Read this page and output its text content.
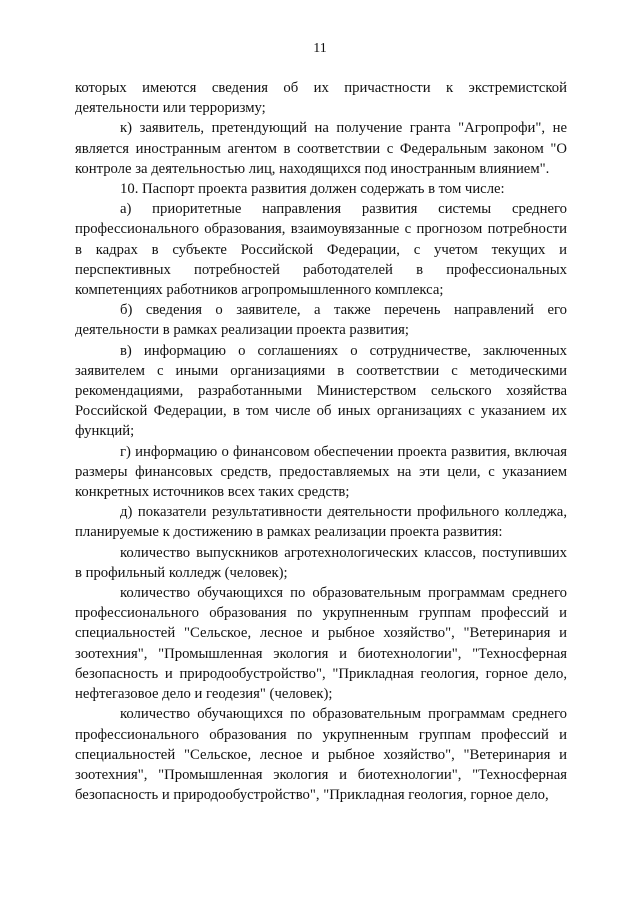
11

которых имеются сведения об их причастности к экстремистской деятельности или терроризму;

к) заявитель, претендующий на получение гранта "Агропрофи", не является иностранным агентом в соответствии с Федеральным законом "О контроле за деятельностью лиц, находящихся под иностранным влиянием".

10. Паспорт проекта развития должен содержать в том числе:

а) приоритетные направления развития системы среднего профессионального образования, взаимоувязанные с прогнозом потребности в кадрах в субъекте Российской Федерации, с учетом текущих и перспективных потребностей работодателей в профессиональных компетенциях работников агропромышленного комплекса;

б) сведения о заявителе, а также перечень направлений его деятельности в рамках реализации проекта развития;

в) информацию о соглашениях о сотрудничестве, заключенных заявителем с иными организациями в соответствии с методическими рекомендациями, разработанными Министерством сельского хозяйства Российской Федерации, в том числе об иных организациях с указанием их функций;

г) информацию о финансовом обеспечении проекта развития, включая размеры финансовых средств, предоставляемых на эти цели, с указанием конкретных источников всех таких средств;

д) показатели результативности деятельности профильного колледжа, планируемые к достижению в рамках реализации проекта развития:

количество выпускников агротехнологических классов, поступивших в профильный колледж (человек);

количество обучающихся по образовательным программам среднего профессионального образования по укрупненным группам профессий и специальностей "Сельское, лесное и рыбное хозяйство", "Ветеринария и зоотехния", "Промышленная экология и биотехнологии", "Техносферная безопасность и природообустройство", "Прикладная геология, горное дело, нефтегазовое дело и геодезия" (человек);

количество обучающихся по образовательным программам среднего профессионального образования по укрупненным группам профессий и специальностей "Сельское, лесное и рыбное хозяйство", "Ветеринария и зоотехния", "Промышленная экология и биотехнологии", "Техносферная безопасность и природообустройство", "Прикладная геология, горное дело,
